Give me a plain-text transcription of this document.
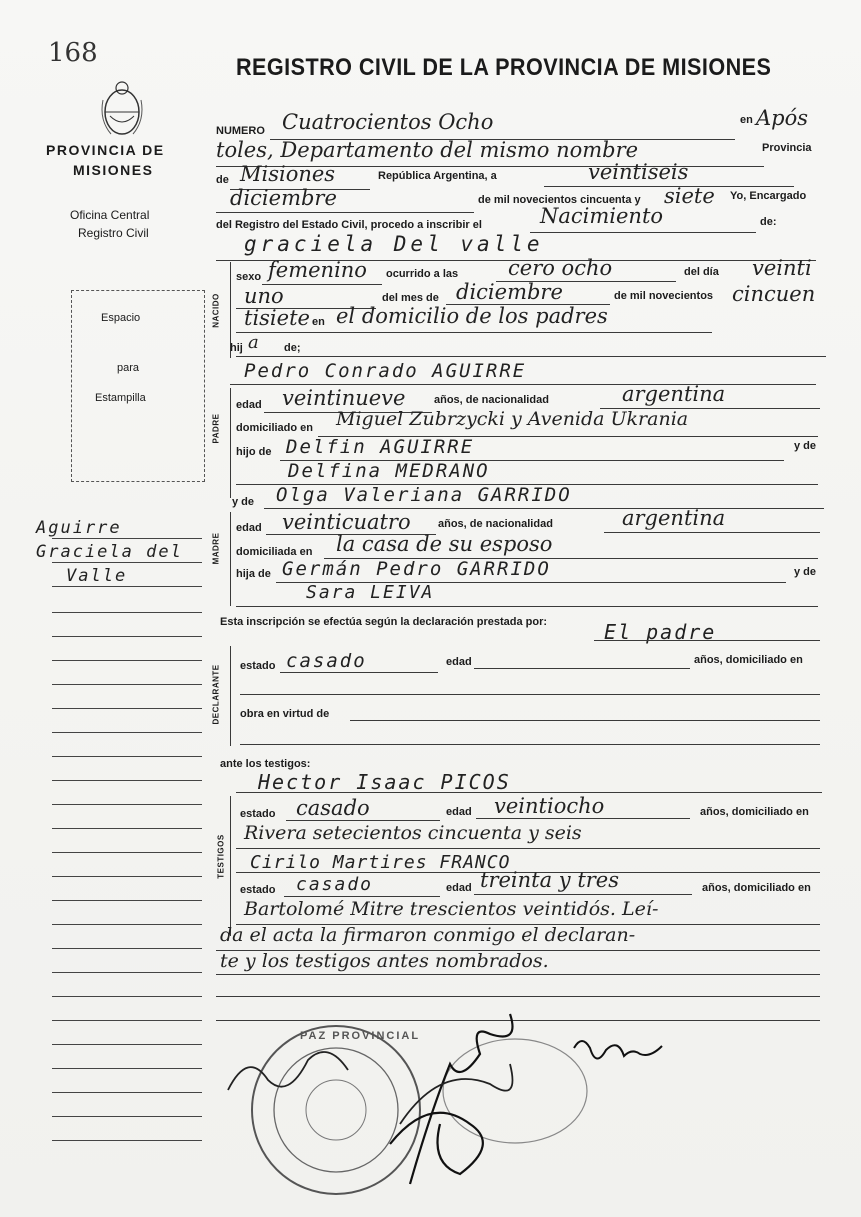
168	REGISTRO CIVIL DE LA PROVINCIA DE MISIONES
PROVINCIA DE
MISIONES
Oficina Central
Registro Civil
Espacio
para
Estampilla
Aguirre
Graciela del
Valle
NUMERO Cuatrocientos Ocho	en Após
toles, Departamento del mismo nombre	Provincia
de Misiones	República Argentina, a	veintiseis
diciembre	de mil novecientos cincuenta y siete Yo, Encargado
del Registro del Estado Civil, procedo a inscribir el	Nacimiento	de:
graciela Del valle
NACIDO
sexo femenino ocurrido a las cero ocho	del día veinti
uno	del mes de diciembre	de mil novecientos cincuen
tisiete en el domicilio de los padres
hij a de;
Pedro Conrado AGUIRRE
PADRE
edad veintinueve	años, de nacionalidad	argentina
domiciliado en Miguel Zubrzycki y Avenida Ukrania
hijo de Delfin AGUIRRE	y de
Delfina MEDRANO
y de Olga Valeriana GARRIDO
MADRE
edad veinticuatro años, de nacionalidad	argentina
domiciliada en la casa de su esposo
hija de Germán Pedro GARRIDO	y de
Sara LEIVA
Esta inscripción se efectúa según la declaración prestada por:	El padre
DECLARANTE estado casado	edad	años, domiciliado en
obra en virtud de
ante los testigos:
Hector Isaac PICOS
TESTIGOS
estado casado	edad veintiocho	años, domiciliado en
Rivera setecientos cincuenta y seis
Cirilo Martires FRANCO
estado casado	edad treinta y tres	años, domiciliado en
Bartolomé Mitre trescientos veintidós. Leí-
da el acta la firmaron conmigo el declaran-
te y los testigos antes nombrados.
PAZ PROVINCIAL
